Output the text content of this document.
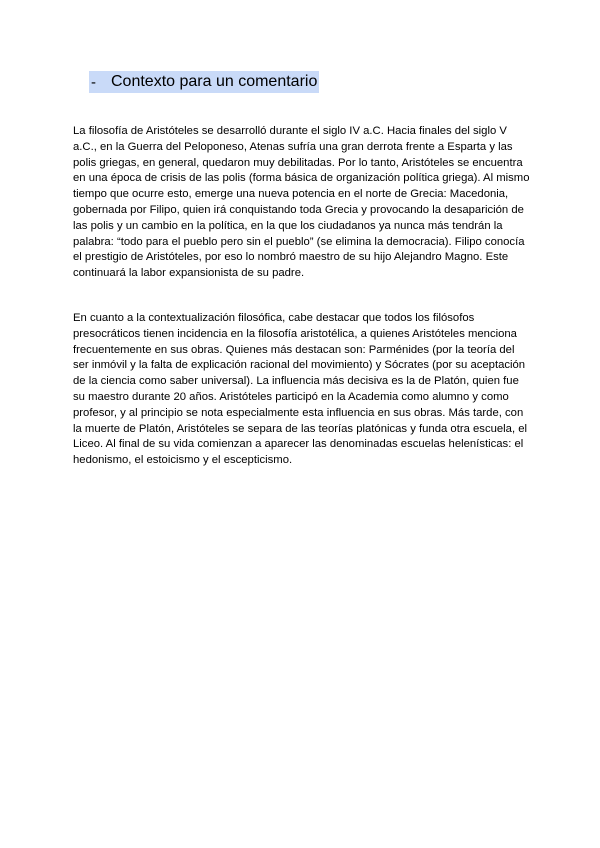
- Contexto para un comentario

La filosofía de Aristóteles se desarrolló durante el siglo IV a.C. Hacia finales del siglo V a.C., en la Guerra del Peloponeso, Atenas sufría una gran derrota frente a Esparta y las polis griegas, en general, quedaron muy debilitadas. Por lo tanto, Aristóteles se encuentra en una época de crisis de las polis (forma básica de organización política griega). Al mismo tiempo que ocurre esto, emerge una nueva potencia en el norte de Grecia: Macedonia, gobernada por Filipo, quien irá conquistando toda Grecia y provocando la desaparición de las polis y un cambio en la política, en la que los ciudadanos ya nunca más tendrán la palabra: “todo para el pueblo pero sin el pueblo” (se elimina la democracia). Filipo conocía el prestigio de Aristóteles, por eso lo nombró maestro de su hijo Alejandro Magno. Este continuará la labor expansionista de su padre.

En cuanto a la contextualización filosófica, cabe destacar que todos los filósofos presocráticos tienen incidencia en la filosofía aristotélica, a quienes Aristóteles menciona frecuentemente en sus obras. Quienes más destacan son: Parménides (por la teoría del ser inmóvil y la falta de explicación racional del movimiento) y Sócrates (por su aceptación de la ciencia como saber universal). La influencia más decisiva es la de Platón, quien fue su maestro durante 20 años. Aristóteles participó en la Academia como alumno y como profesor, y al principio se nota especialmente esta influencia en sus obras. Más tarde, con la muerte de Platón, Aristóteles se separa de las teorías platónicas y funda otra escuela, el Liceo. Al final de su vida comienzan a aparecer las denominadas escuelas helenísticas: el hedonismo, el estoicismo y el escepticismo.
